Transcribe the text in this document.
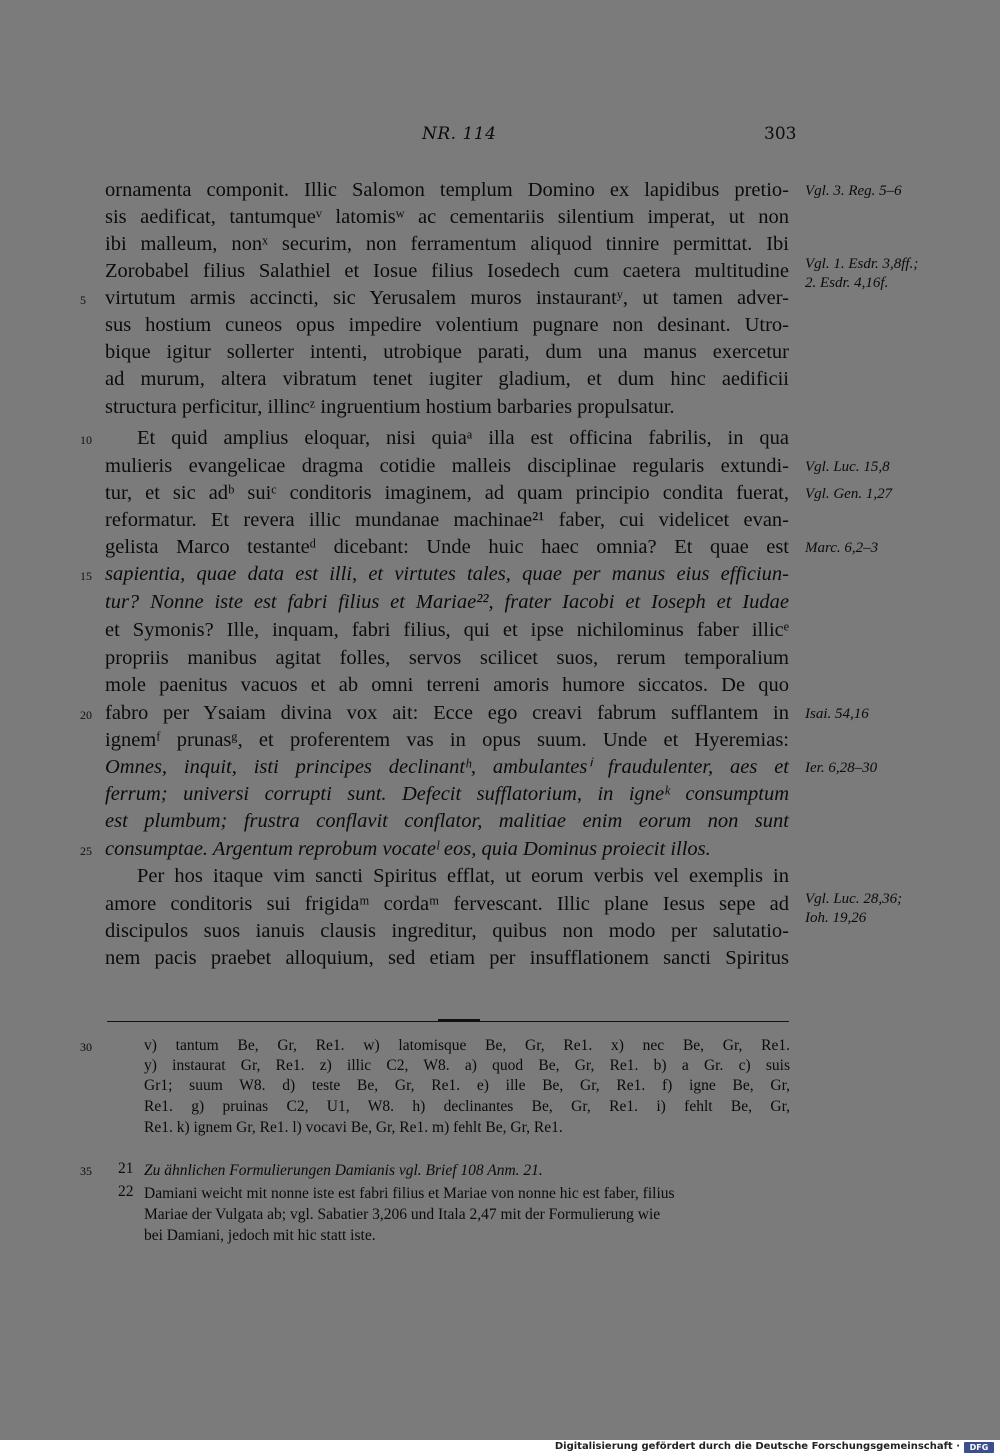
NR. 114	303
ornamenta componit. Illic Salomon templum Domino ex lapidibus pretio-
sis aedificat, tantumqueᵛ latomisʷ ac cementariis silentium imperat, ut non
ibi malleum, nonˣ securim, non ferramentum aliquod tinnire permittat. Ibi
Zorobabel filius Salathiel et Iosue filius Iosedech cum caetera multitudine
virtutum armis accincti, sic Yerusalem muros instaurantʸ, ut tamen adver-
sus hostium cuneos opus impedire volentium pugnare non desinant. Utro-
bique igitur sollerter intenti, utrobique parati, dum una manus exercetur
ad murum, altera vibratum tenet iugiter gladium, et dum hinc aedificii
structura perficitur, illincᶻ ingruentium hostium barbaries propulsatur.
Et quid amplius eloquar, nisi quiaᵃ illa est officina fabrilis, in qua
mulieris evangelicae dragma cotidie malleis disciplinae regularis extundi-
tur, et sic adᵇ suiᶜ conditoris imaginem, ad quam principio condita fuerat,
reformatur. Et revera illic mundanae machinae²¹ faber, cui videlicet evan-
gelista Marco testanteᵈ dicebant: Unde huic haec omnia? Et quae est
sapientia, quae data est illi, et virtutes tales, quae per manus eius efficiun-
tur? Nonne iste est fabri filius et Mariae²², frater Iacobi et Ioseph et Iudae
et Symonis? Ille, inquam, fabri filius, qui et ipse nichilominus faber illicᵉ
propriis manibus agitat folles, servos scilicet suos, rerum temporalium
mole paenitus vacuos et ab omni terreni amoris humore siccatos. De quo
fabro per Ysaiam divina vox ait: Ecce ego creavi fabrum sufflantem in
ignemᶠ prunasᵍ, et proferentem vas in opus suum. Unde et Hyeremias:
Omnes, inquit, isti principes declinantʰ, ambulantesⁱ fraudulenter, aes et
ferrum; universi corrupti sunt. Defecit sufflatorium, in igneᵏ consumptum
est plumbum; frustra conflavit conflator, malitiae enim eorum non sunt
consumptae. Argentum reprobum vocateˡ eos, quia Dominus proiecit illos.
Per hos itaque vim sancti Spiritus efflat, ut eorum verbis vel exemplis in
amore conditoris sui frigidaᵐ cordaᵐ fervescant. Illic plane Iesus sepe ad
discipulos suos ianuis clausis ingreditur, quibus non modo per salutatio-
nem pacis praebet alloquium, sed etiam per insufflationem sancti Spiritus
5
10
15
20
25
Vgl. 3. Reg. 5–6
Vgl. 1. Esdr. 3,8ff.;
2. Esdr. 4,16f.
Vgl. Luc. 15,8
Vgl. Gen. 1,27
Marc. 6,2–3
Isai. 54,16
Ier. 6,28–30
Vgl. Luc. 28,36;
Ioh. 19,26
30	v) tantum Be, Gr, Re1. w) latomisque Be, Gr, Re1. x) nec Be, Gr, Re1.
y) instaurat Gr, Re1. z) illic C2, W8. a) quod Be, Gr, Re1. b) a Gr. c) suis
Gr1; suum W8. d) teste Be, Gr, Re1. e) ille Be, Gr, Re1. f) igne Be, Gr,
Re1. g) pruinas C2, U1, W8. h) declinantes Be, Gr, Re1. i) fehlt Be, Gr,
Re1. k) ignem Gr, Re1. l) vocavi Be, Gr, Re1. m) fehlt Be, Gr, Re1.
35 21 Zu ähnlichen Formulierungen Damianis vgl. Brief 108 Anm. 21.
22 Damiani weicht mit nonne iste est fabri filius et Mariae von nonne hic est faber, filius
Mariae der Vulgata ab; vgl. Sabatier 3,206 und Itala 2,47 mit der Formulierung wie
bei Damiani, jedoch mit hic statt iste.
Digitalisierung gefördert durch die Deutsche Forschungsgemeinschaft ·	DFG
